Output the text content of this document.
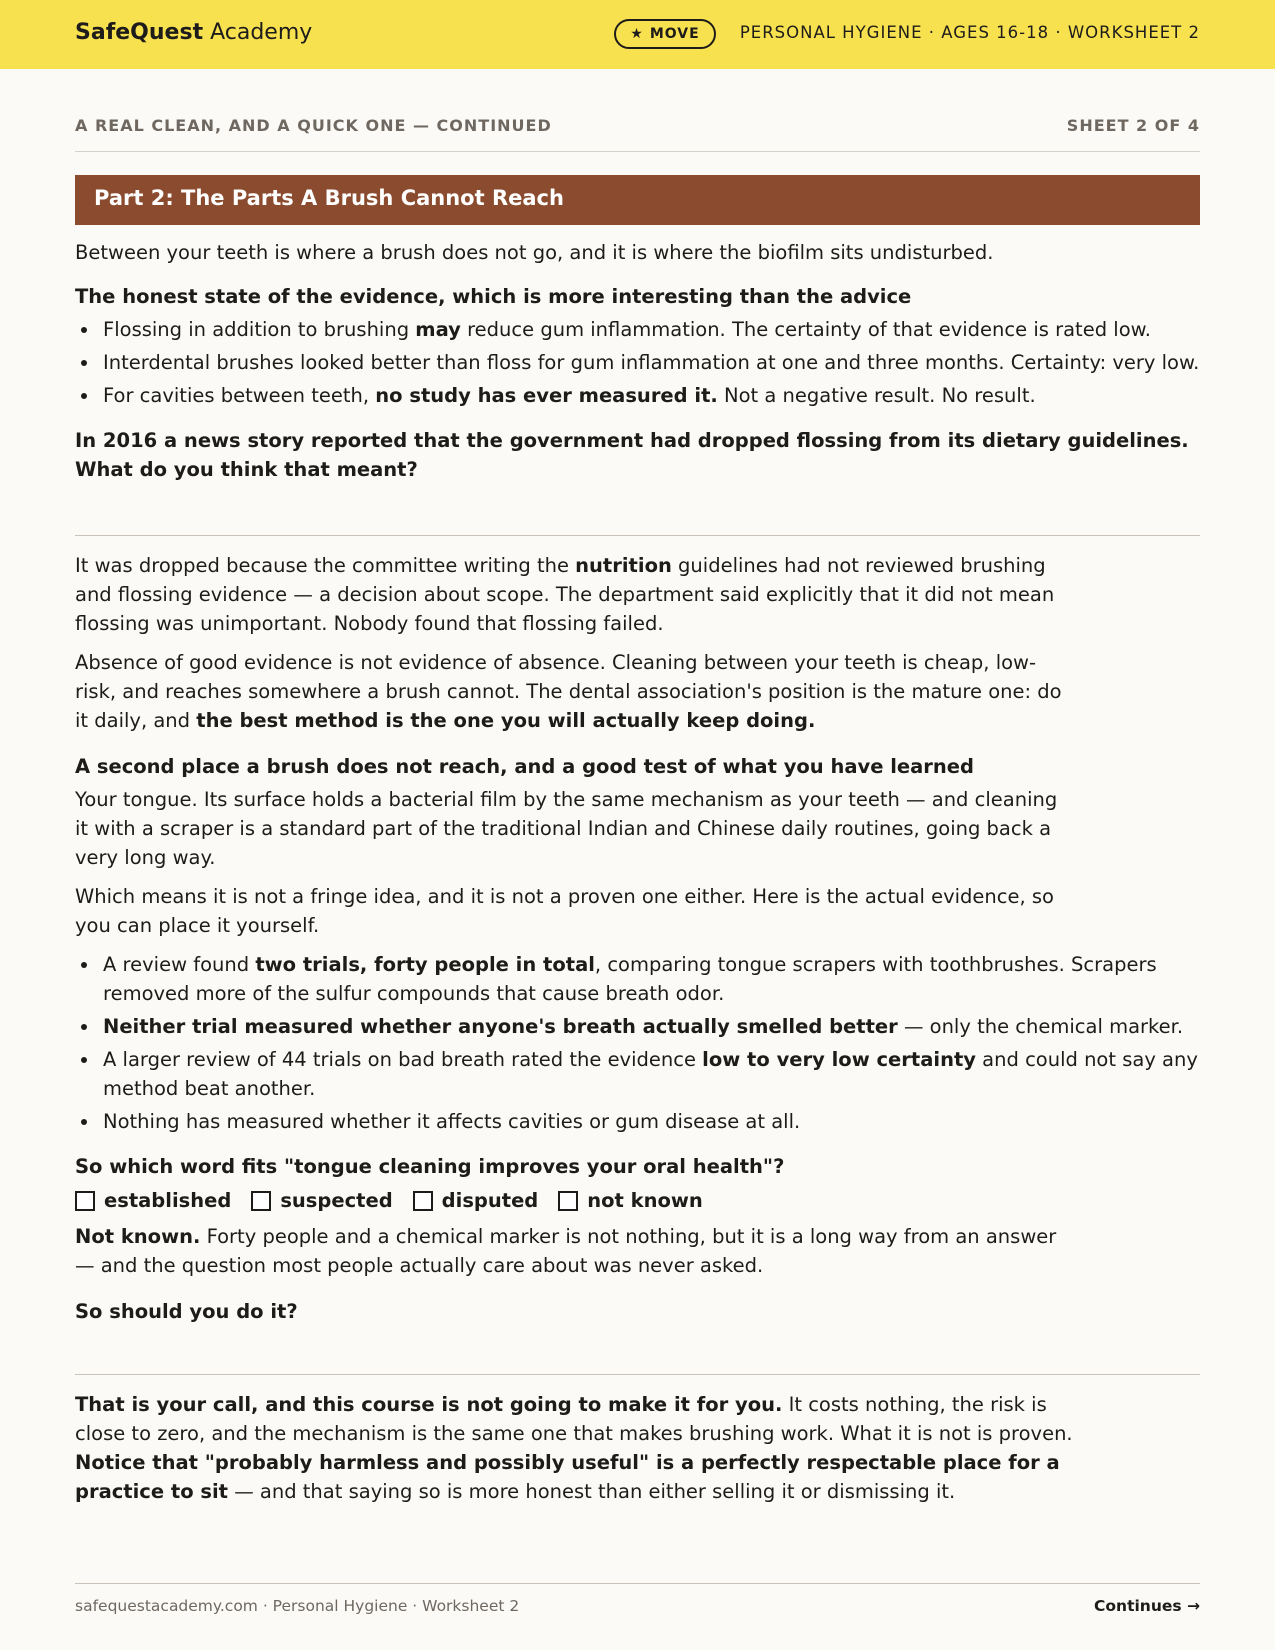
SafeQuest Academy	★ MOVE PERSONAL HYGIENE · AGES 16-18 · WORKSHEET 2
A REAL CLEAN, AND A QUICK ONE — CONTINUED	SHEET 2 OF 4
Part 2: The Parts A Brush Cannot Reach

Between your teeth is where a brush does not go, and it is where the biofilm sits undisturbed.

The honest state of the evidence, which is more interesting than the advice
Flossing in addition to brushing may reduce gum inflammation. The certainty of that evidence is rated low.
Interdental brushes looked better than floss for gum inflammation at one and three months. Certainty: very low.
For cavities between teeth, no study has ever measured it. Not a negative result. No result.

In 2016 a news story reported that the government had dropped flossing from its dietary guidelines. What do you think that meant?

It was dropped because the committee writing the nutrition guidelines had not reviewed brushing and flossing evidence — a decision about scope. The department said explicitly that it did not mean flossing was unimportant. Nobody found that flossing failed.

Absence of good evidence is not evidence of absence. Cleaning between your teeth is cheap, low-risk, and reaches somewhere a brush cannot. The dental association's position is the mature one: do it daily, and the best method is the one you will actually keep doing.

A second place a brush does not reach, and a good test of what you have learned

Your tongue. Its surface holds a bacterial film by the same mechanism as your teeth — and cleaning it with a scraper is a standard part of the traditional Indian and Chinese daily routines, going back a very long way.

Which means it is not a fringe idea, and it is not a proven one either. Here is the actual evidence, so you can place it yourself.

A review found two trials, forty people in total, comparing tongue scrapers with toothbrushes. Scrapers removed more of the sulfur compounds that cause breath odor.
Neither trial measured whether anyone's breath actually smelled better — only the chemical marker.
A larger review of 44 trials on bad breath rated the evidence low to very low certainty and could not say any method beat another.
Nothing has measured whether it affects cavities or gum disease at all.

So which word fits "tongue cleaning improves your oral health"?

established	suspected	disputed	not known

Not known. Forty people and a chemical marker is not nothing, but it is a long way from an answer — and the question most people actually care about was never asked.

So should you do it?

That is your call, and this course is not going to make it for you. It costs nothing, the risk is close to zero, and the mechanism is the same one that makes brushing work. What it is not is proven. Notice that "probably harmless and possibly useful" is a perfectly respectable place for a practice to sit — and that saying so is more honest than either selling it or dismissing it.

safequestacademy.com · Personal Hygiene · Worksheet 2	Continues →
